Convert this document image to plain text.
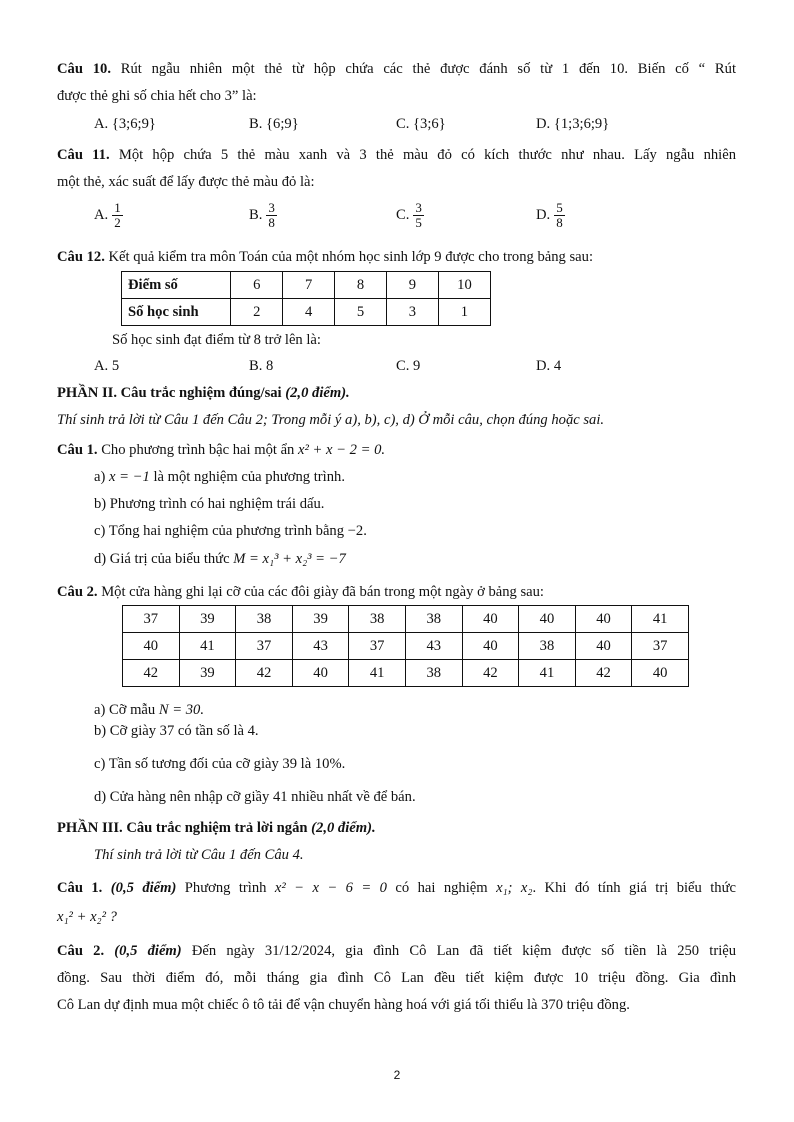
Câu 10. Rút ngẫu nhiên một thẻ từ hộp chứa các thẻ được đánh số từ 1 đến 10. Biến cố “ Rút
được thẻ ghi số chia hết cho 3” là:
A. {3;6;9}	B. {6;9}	C. {3;6}	D. {1;3;6;9}
Câu 11. Một hộp chứa 5 thẻ màu xanh và 3 thẻ màu đỏ có kích thước như nhau. Lấy ngẫu nhiên
một thẻ, xác suất để lấy được thẻ màu đỏ là:
A. $\frac{1}{2}$	B. $\frac{3}{8}$	C. $\frac{3}{5}$	D. $\frac{5}{8}$
Câu 12. Kết quả kiểm tra môn Toán của một nhóm học sinh lớp 9 được cho trong bảng sau:
Điểm số	6	7	8	9	10
Số học sinh	2	4	5	3	1
Số học sinh đạt điểm từ 8 trở lên là:
A. 5	B. 8	C. 9	D. 4
PHẦN II. Câu trắc nghiệm đúng/sai (2,0 điểm).
Thí sinh trả lời từ Câu 1 đến Câu 2; Trong mỗi ý a), b), c), d) Ở mỗi câu, chọn đúng hoặc sai.
Câu 1. Cho phương trình bậc hai một ẩn x² + x − 2 = 0.
a) x = −1 là một nghiệm của phương trình.
b) Phương trình có hai nghiệm trái dấu.
c) Tổng hai nghiệm của phương trình bằng −2.
d) Giá trị của biểu thức M = x₁³ + x₂³ = −7
Câu 2. Một cửa hàng ghi lại cỡ của các đôi giày đã bán trong một ngày ở bảng sau:
37	39	38	39	38	38	40	40	40	41
40	41	37	43	37	43	40	38	40	37
42	39	42	40	41	38	42	41	42	40
a) Cỡ mẫu N = 30.
b) Cỡ giày 37 có tần số là 4.
c) Tần số tương đối của cỡ giày 39 là 10%.
d) Cửa hàng nên nhập cỡ giầy 41 nhiều nhất về để bán.
PHẦN III. Câu trắc nghiệm trả lời ngắn (2,0 điểm).
Thí sinh trả lời từ Câu 1 đến Câu 4.
Câu 1. (0,5 điểm) Phương trình x² − x − 6 = 0 có hai nghiệm x₁; x₂. Khi đó tính giá trị biểu thức
x₁² + x₂² ?
Câu 2. (0,5 điểm) Đến ngày 31/12/2024, gia đình Cô Lan đã tiết kiệm được số tiền là 250 triệu
đồng. Sau thời điểm đó, mỗi tháng gia đình Cô Lan đều tiết kiệm được 10 triệu đồng. Gia đình
Cô Lan dự định mua một chiếc ô tô tải để vận chuyển hàng hoá với giá tối thiểu là 370 triệu đồng.
2
